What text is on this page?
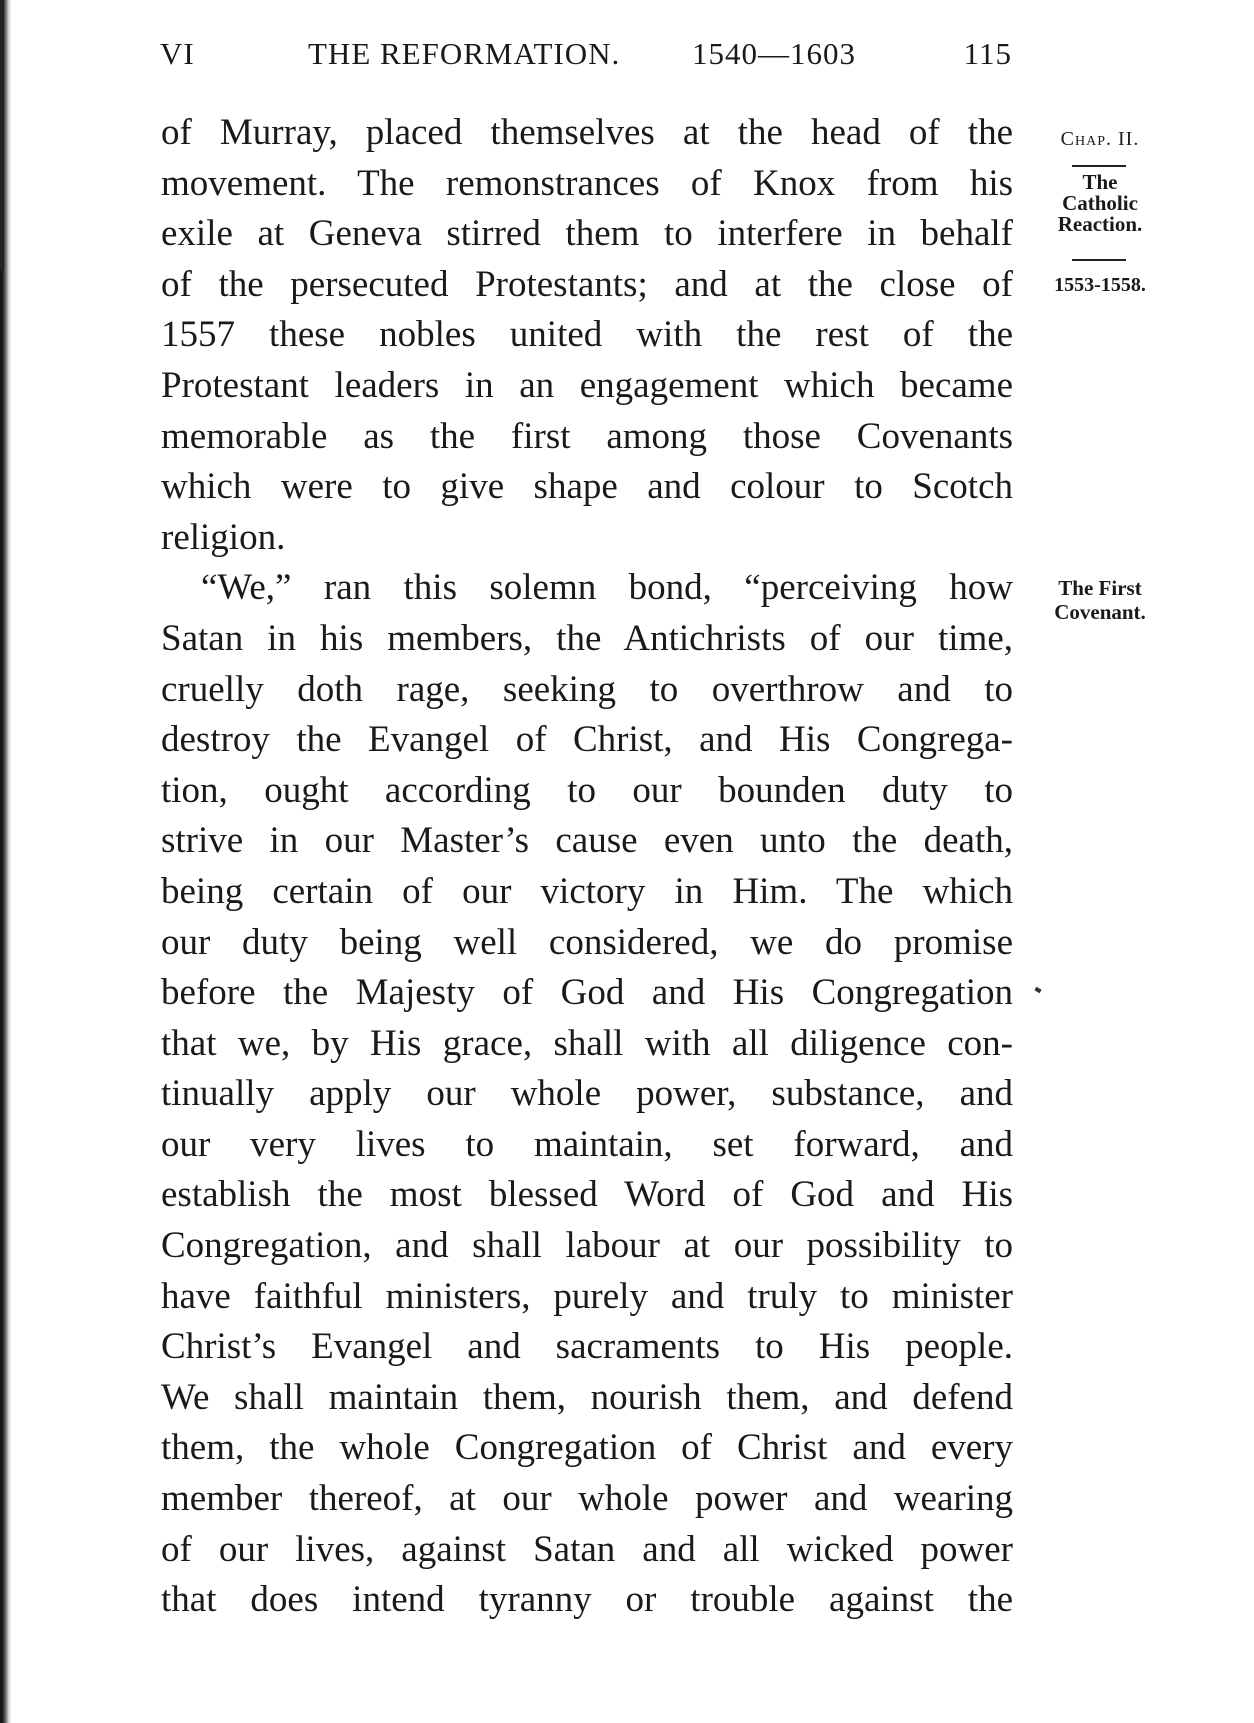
VI	THE REFORMATION. 1540—1603	115
Chap. II.
The
Catholic
Reaction.
1553-1558.
The First
Covenant.
of Murray, placed themselves at the head of the
movement. The remonstrances of Knox from his
exile at Geneva stirred them to interfere in behalf
of the persecuted Protestants; and at the close of
1557 these nobles united with the rest of the
Protestant leaders in an engagement which became
memorable as the first among those Covenants
which were to give shape and colour to Scotch
religion.
“We,” ran this solemn bond, “perceiving how
Satan in his members, the Antichrists of our time,
cruelly doth rage, seeking to overthrow and to
destroy the Evangel of Christ, and His Congrega-
tion, ought according to our bounden duty to
strive in our Master’s cause even unto the death,
being certain of our victory in Him. The which
our duty being well considered, we do promise
before the Majesty of God and His Congregation
that we, by His grace, shall with all diligence con-
tinually apply our whole power, substance, and
our very lives to maintain, set forward, and
establish the most blessed Word of God and His
Congregation, and shall labour at our possibility to
have faithful ministers, purely and truly to minister
Christ’s Evangel and sacraments to His people.
We shall maintain them, nourish them, and defend
them, the whole Congregation of Christ and every
member thereof, at our whole power and wearing
of our lives, against Satan and all wicked power
that does intend tyranny or trouble against the
